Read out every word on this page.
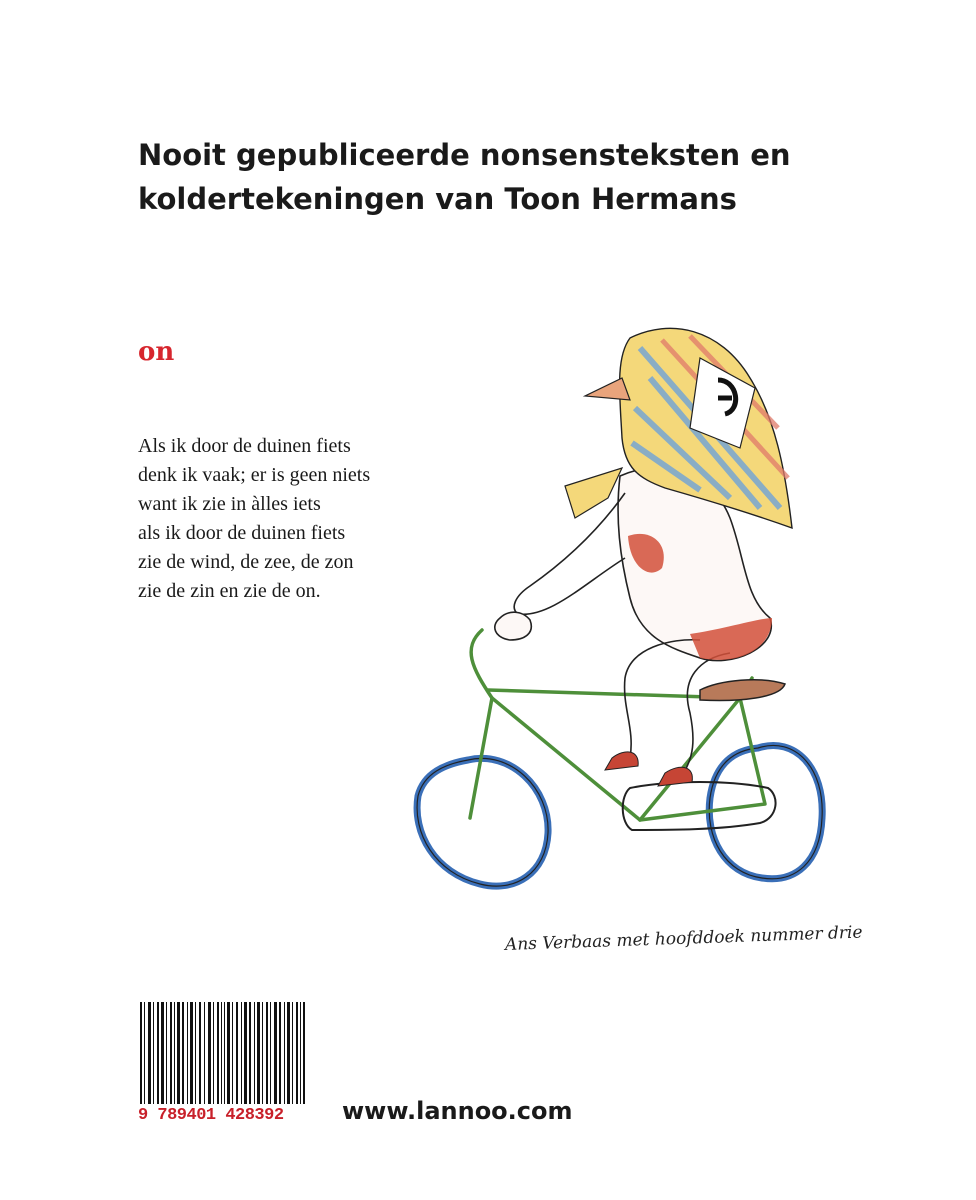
Nooit gepubliceerde nonsensteksten en
koldertekeningen van Toon Hermans
on
Als ik door de duinen fiets
denk ik vaak; er is geen niets
want ik zie in àlles iets
als ik door de duinen fiets
zie de wind, de zee, de zon
zie de zin en zie de on.
Ans Verbaas met hoofddoek nummer drie
9 789401 428392	www.lannoo.com
